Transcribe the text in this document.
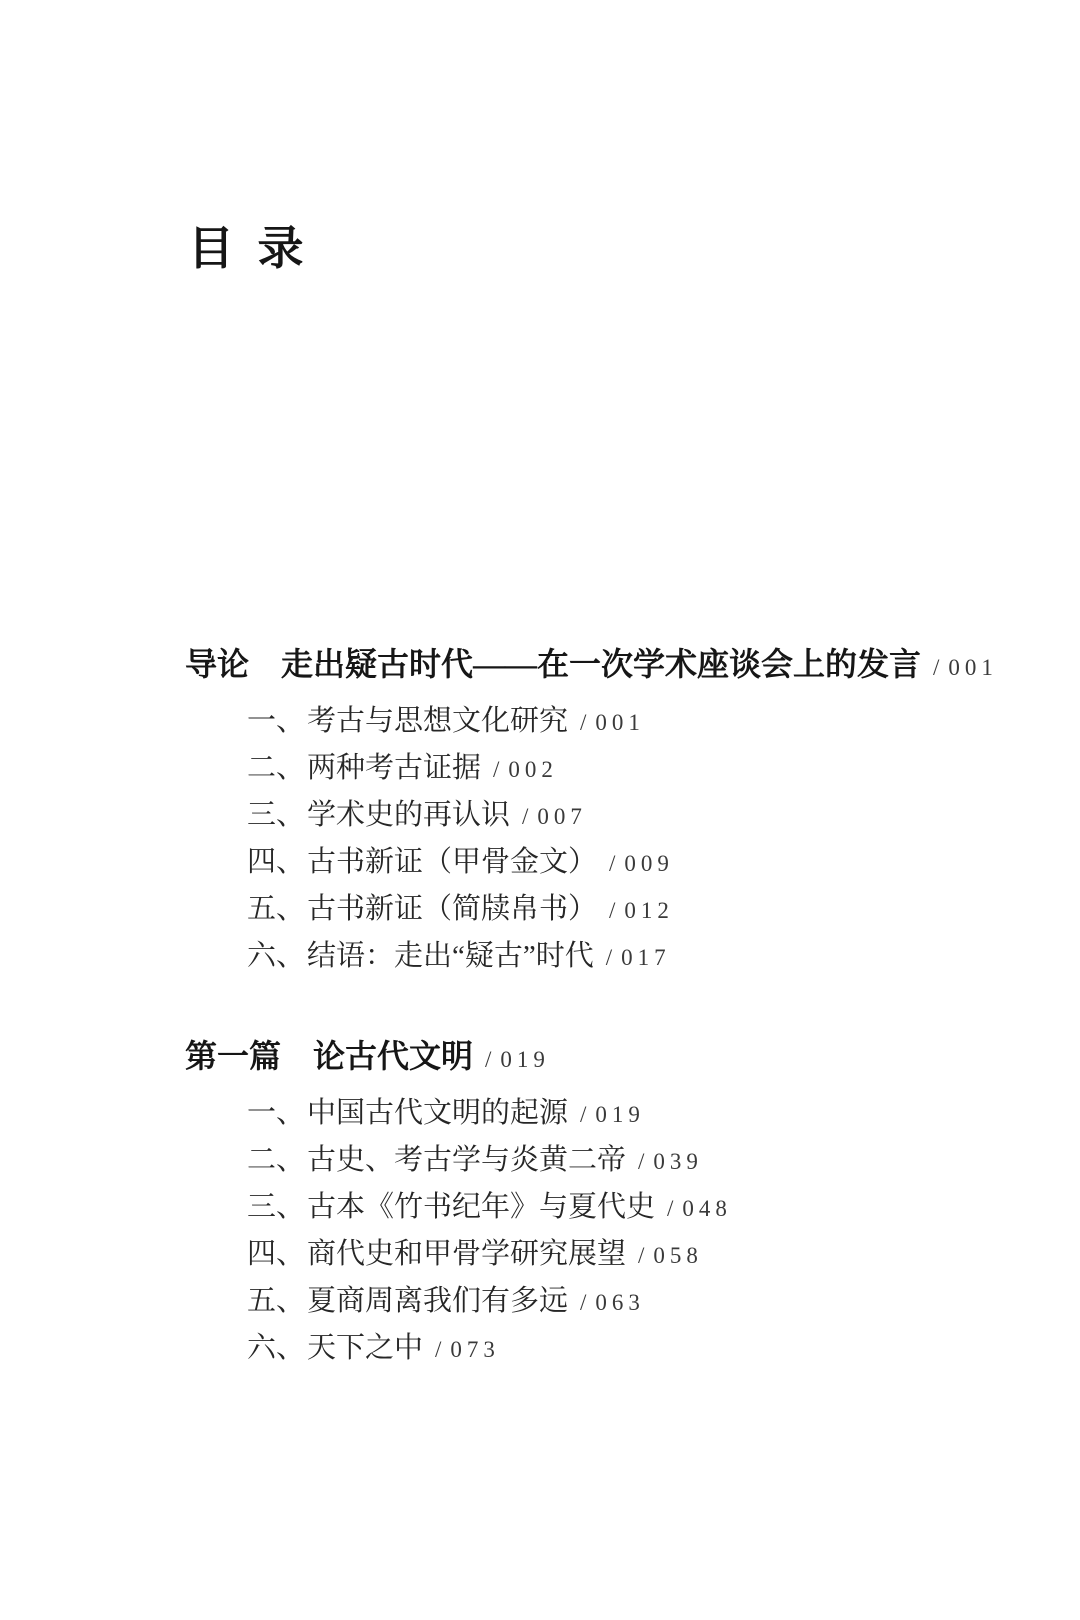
目 录
导论 走出疑古时代——在一次学术座谈会上的发言 / 001
一、考古与思想文化研究 / 001
二、两种考古证据 / 002
三、学术史的再认识 / 007
四、古书新证（甲骨金文） / 009
五、古书新证（简牍帛书） / 012
六、结语：走出“疑古”时代 / 017
第一篇 论古代文明 / 019
一、中国古代文明的起源 / 019
二、古史、考古学与炎黄二帝 / 039
三、古本《竹书纪年》与夏代史 / 048
四、商代史和甲骨学研究展望 / 058
五、夏商周离我们有多远 / 063
六、天下之中 / 073
